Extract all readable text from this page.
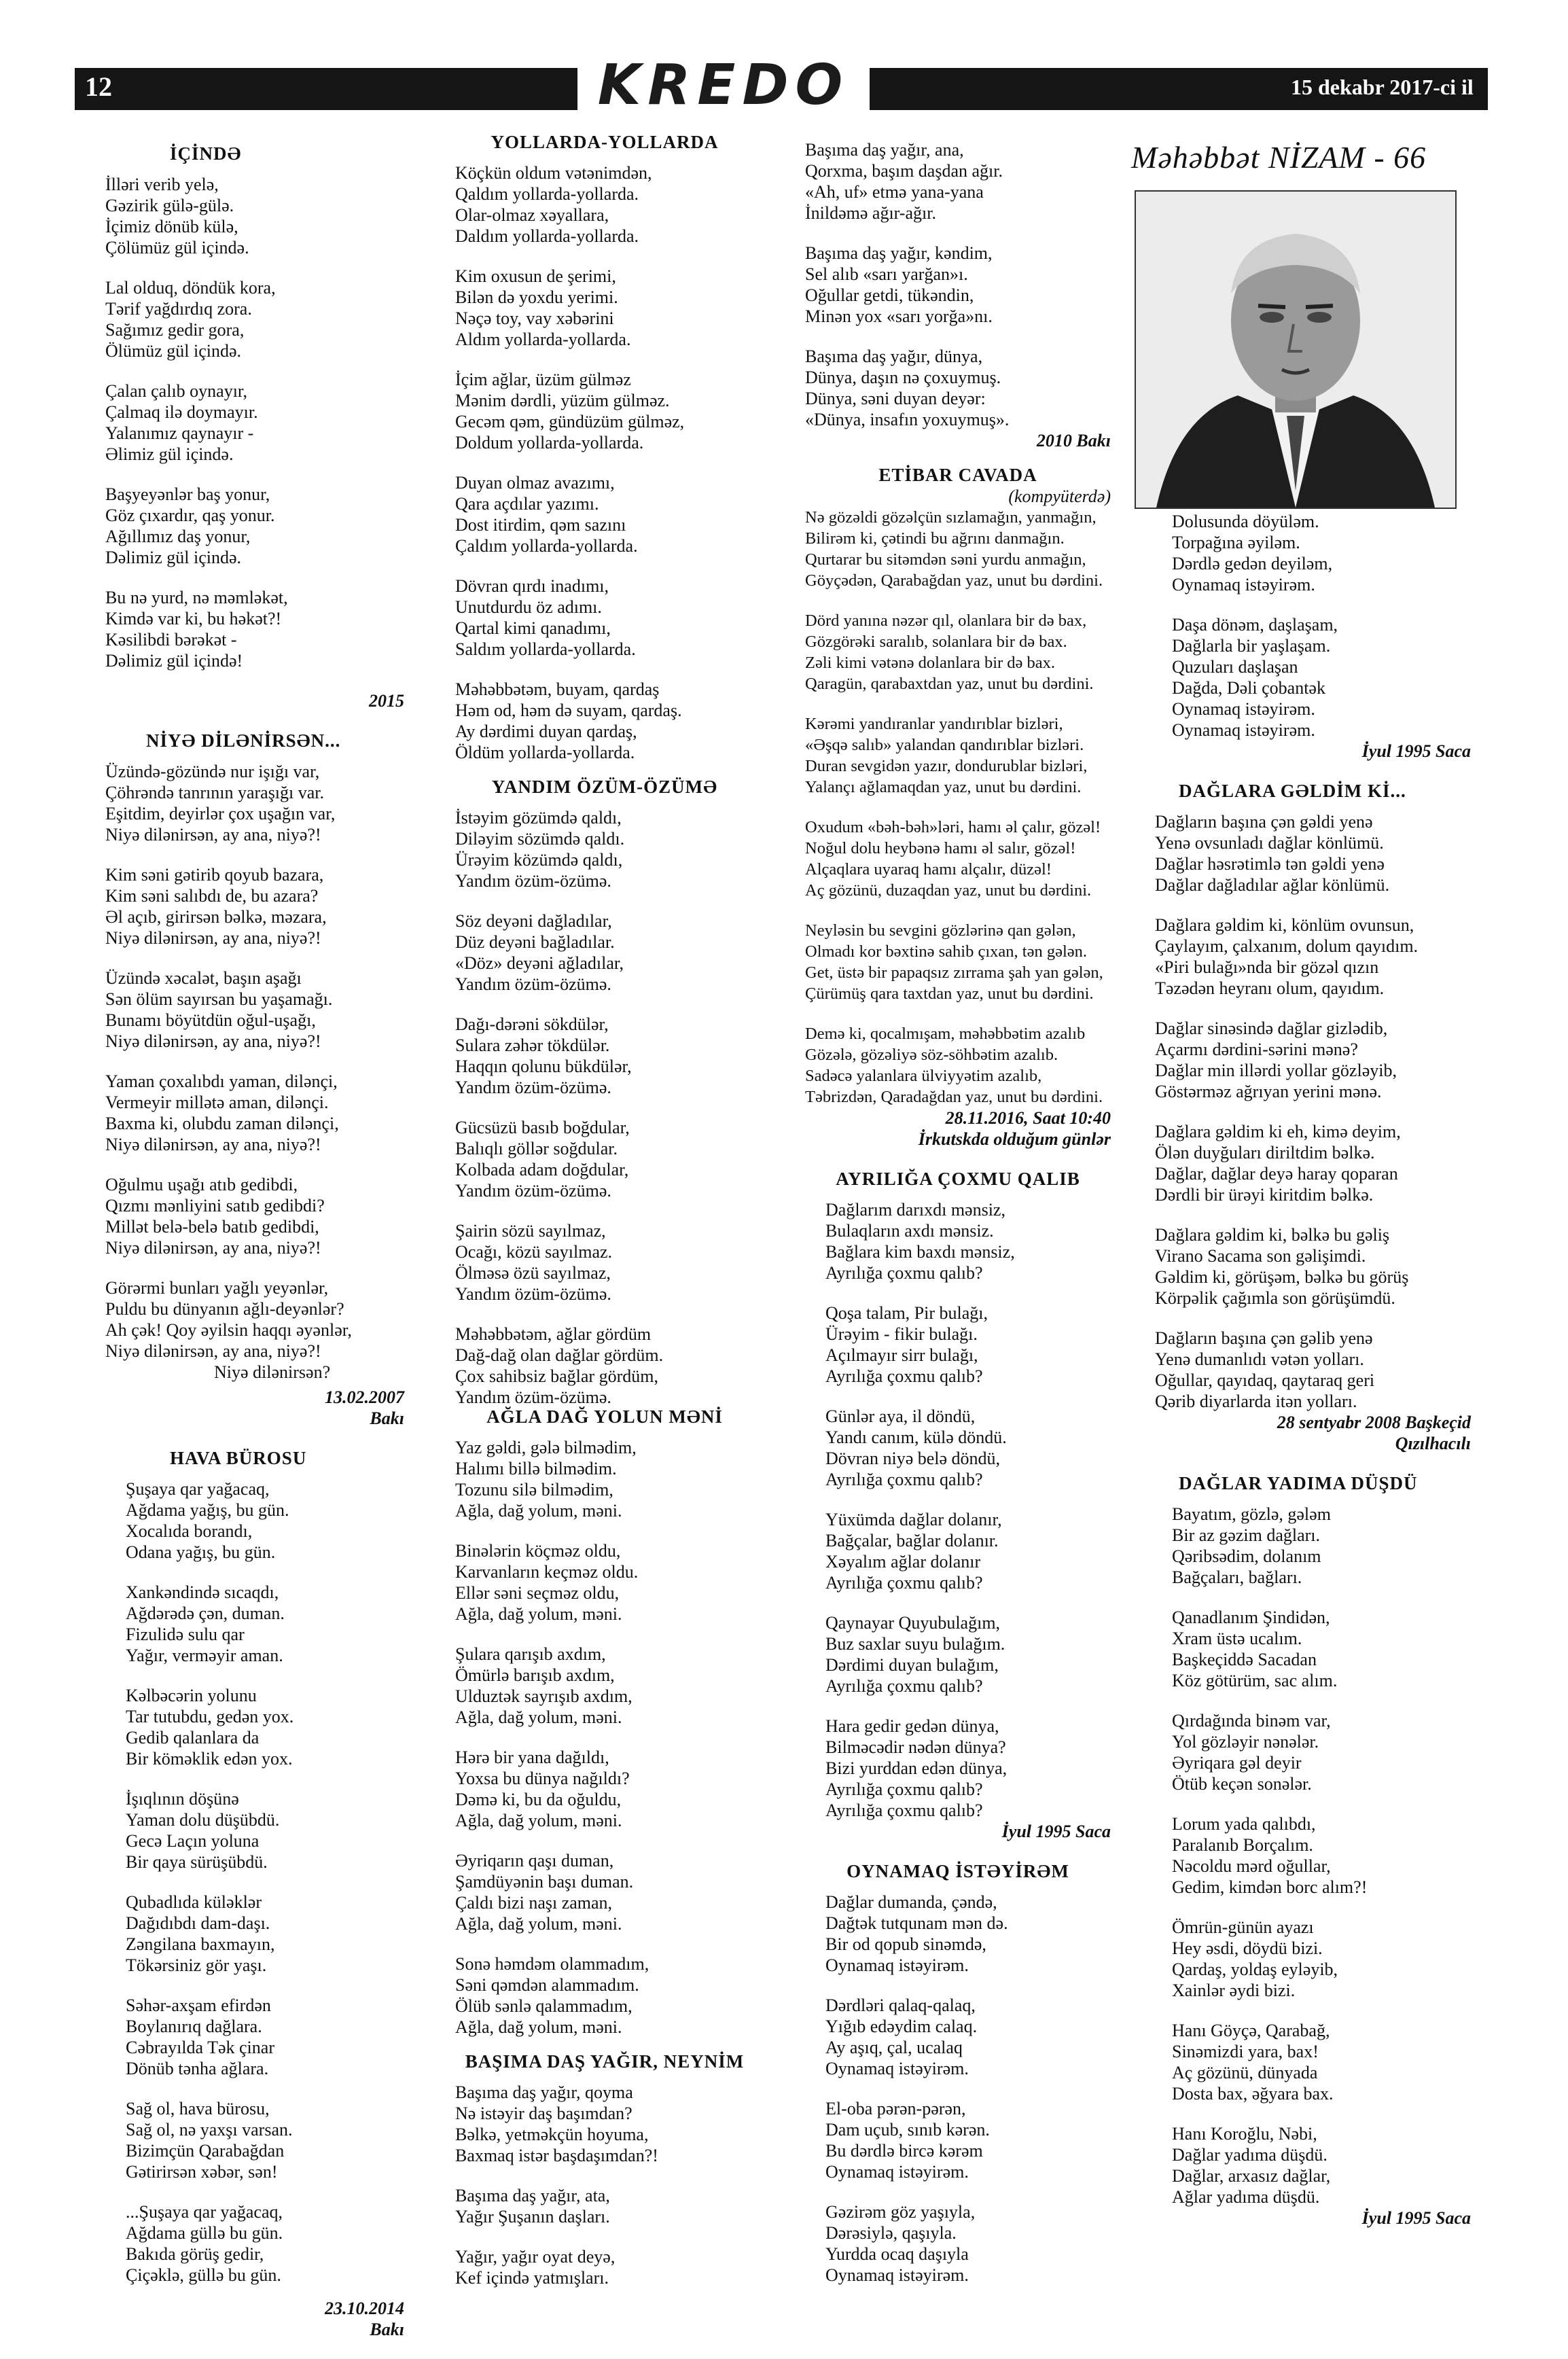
12	KREDO	15 dekabr 2017-ci il
İÇİNDƏ
İlləri verib yelə,
Gəzirik gülə-gülə.
İçimiz dönüb külə,
Çölümüz gül içində.
Lal olduq, döndük kora,
Tərif yağdırdıq zora.
Sağımız gedir gora,
Ölümüz gül içində.
Çalan çalıb oynayır,
Çalmaq ilə doymayır.
Yalanımız qaynayır -
Əlimiz gül içində.
Başyeyənlər baş yonur,
Göz çıxardır, qaş yonur.
Ağıllımız daş yonur,
Dəlimiz gül içində.
Bu nə yurd, nə məmləkət,
Kimdə var ki, bu həkət?!
Kəsilibdi bərəkət -
Dəlimiz gül içində!
2015
NİYƏ DİLƏNİRSƏN...
Üzündə-gözündə nur işığı var,
Çöhrəndə tanrının yaraşığı var.
Eşitdim, deyirlər çox uşağın var,
Niyə dilənirsən, ay ana, niyə?!
Kim səni gətirib qoyub bazara,
Kim səni salıbdı de, bu azara?
Əl açıb, girirsən bəlkə, məzara,
Niyə dilənirsən, ay ana, niyə?!
Üzündə xəcalət, başın aşağı
Sən ölüm sayırsan bu yaşamağı.
Bunamı böyütdün oğul-uşağı,
Niyə dilənirsən, ay ana, niyə?!
Yaman çoxalıbdı yaman, dilənçi,
Vermeyir millətə aman, dilənçi.
Baxma ki, olubdu zaman dilənçi,
Niyə dilənirsən, ay ana, niyə?!
Oğulmu uşağı atıb gedibdi,
Qızmı mənliyini satıb gedibdi?
Millət belə-belə batıb gedibdi,
Niyə dilənirsən, ay ana, niyə?!
Görərmi bunları yağlı yeyənlər,
Puldu bu dünyanın ağlı-deyənlər?
Ah çək! Qoy əyilsin haqqı əyənlər,
Niyə dilənirsən, ay ana, niyə?!
Niyə dilənirsən?
13.02.2007
Bakı
HAVA BÜROSU
Şuşaya qar yağacaq,
Ağdama yağış, bu gün.
Xocalıda borandı,
Odana yağış, bu gün.
Xankəndində sıcaqdı,
Ağdərədə çən, duman.
Fizulidə sulu qar
Yağır, verməyir aman.
Kəlbəcərin yolunu
Tar tutubdu, gedən yox.
Gedib qalanlara da
Bir köməklik edən yox.
İşıqlının döşünə
Yaman dolu düşübdü.
Gecə Laçın yoluna
Bir qaya sürüşübdü.
Qubadlıda küləklər
Dağıdıbdı dam-daşı.
Zəngilana baxmayın,
Tökərsiniz gör yaşı.
Səhər-axşam efirdən
Boylanırıq dağlara.
Cəbrayılda Tək çinar
Dönüb tənha ağlara.
Sağ ol, hava bürosu,
Sağ ol, nə yaxşı varsan.
Bizimçün Qarabağdan
Gətirirsən xəbər, sən!
...Şuşaya qar yağacaq,
Ağdama güllə bu gün.
Bakıda görüş gedir,
Çiçəklə, güllə bu gün.
23.10.2014
Bakı
YOLLARDA-YOLLARDA
Köçkün oldum vətənimdən,
Qaldım yollarda-yollarda.
Olar-olmaz xəyallara,
Daldım yollarda-yollarda.
Kim oxusun de şerimi,
Bilən də yoxdu yerimi.
Nəçə toy, vay xəbərini
Aldım yollarda-yollarda.
İçim ağlar, üzüm gülməz
Mənim dərdli, yüzüm gülməz.
Gecəm qəm, gündüzüm gülməz,
Doldum yollarda-yollarda.
Duyan olmaz avazımı,
Qara açdılar yazımı.
Dost itirdim, qəm sazını
Çaldım yollarda-yollarda.
Dövran qırdı inadımı,
Unutdurdu öz adımı.
Qartal kimi qanadımı,
Saldım yollarda-yollarda.
Məhəbbətəm, buyam, qardaş
Həm od, həm də suyam, qardaş.
Ay dərdimi duyan qardaş,
Öldüm yollarda-yollarda.
YANDIM ÖZÜM-ÖZÜMƏ
İstəyim gözümdə qaldı,
Diləyim sözümdə qaldı.
Ürəyim közümdə qaldı,
Yandım özüm-özümə.
Söz deyəni dağladılar,
Düz deyəni bağladılar.
«Döz» deyəni ağladılar,
Yandım özüm-özümə.
Dağı-dərəni sökdülər,
Sulara zəhər tökdülər.
Haqqın qolunu bükdülər,
Yandım özüm-özümə.
Gücsüzü basıb boğdular,
Balıqlı göllər soğdular.
Kolbada adam doğdular,
Yandım özüm-özümə.
Şairin sözü sayılmaz,
Ocağı, közü sayılmaz.
Ölməsə özü sayılmaz,
Yandım özüm-özümə.
Məhəbbətəm, ağlar gördüm
Dağ-dağ olan dağlar gördüm.
Çox sahibsiz bağlar gördüm,
Yandım özüm-özümə.
AĞLA DAĞ YOLUN MƏNİ
Yaz gəldi, gələ bilmədim,
Halımı billə bilmədim.
Tozunu silə bilmədim,
Ağla, dağ yolum, məni.
Binələrin köçməz oldu,
Karvanların keçməz oldu.
Ellər səni seçməz oldu,
Ağla, dağ yolum, məni.
Şulara qarışıb axdım,
Ömürlə barışıb axdım,
Ulduztək sayrışıb axdım,
Ağla, dağ yolum, məni.
Hərə bir yana dağıldı,
Yoxsa bu dünya nağıldı?
Dəmə ki, bu da oğuldu,
Ağla, dağ yolum, məni.
Əyriqarın qaşı duman,
Şamdüyənin başı duman.
Çaldı bizi naşı zaman,
Ağla, dağ yolum, məni.
Sonə həmdəm olammadım,
Səni qəmdən alammadım.
Ölüb sənlə qalammadım,
Ağla, dağ yolum, məni.
BAŞIMA DAŞ YAĞIR, NEYNİM
Başıma daş yağır, qoyma
Nə istəyir daş başımdan?
Bəlkə, yetməkçün hoyuma,
Baxmaq istər başdaşımdan?!
Başıma daş yağır, ata,
Yağır Şuşanın daşları.
Yağır, yağır oyat deyə,
Kef içində yatmışları.
Başıma daş yağır, ana,
Qorxma, başım daşdan ağır.
«Ah, uf» etmə yana-yana
İnildəmə ağır-ağır.
Başıma daş yağır, kəndim,
Sel alıb «sarı yarğan»ı.
Oğullar getdi, tükəndin,
Minən yox «sarı yorğa»nı.
Başıma daş yağır, dünya,
Dünya, daşın nə çoxuymuş.
Dünya, səni duyan deyər:
«Dünya, insafın yoxuymuş».
2010 Bakı
ETİBAR CAVADA
(kompyüterdə)
Nə gözəldi gözəlçün sızlamağın, yanmağın,
Bilirəm ki, çətindi bu ağrını danmağın.
Qurtarar bu sitəmdən səni yurdu anmağın,
Göyçədən, Qarabağdan yaz, unut bu dərdini.
Dörd yanına nəzər qıl, olanlara bir də bax,
Gözgörəki saralıb, solanlara bir də bax.
Zəli kimi vətənə dolanlara bir də bax.
Qaragün, qarabaxtdan yaz, unut bu dərdini.
Kərəmi yandıranlar yandırıblar bizləri,
«Əşqə salıb» yalandan qandırıblar bizləri.
Duran sevgidən yazır, dondurublar bizləri,
Yalançı ağlamaqdan yaz, unut bu dərdini.
Oxudum «bəh-bəh»ləri, hamı əl çalır, gözəl!
Noğul dolu heybənə hamı əl salır, gözəl!
Alçaqlara uyaraq hamı alçalır, düzəl!
Aç gözünü, duzaqdan yaz, unut bu dərdini.
Neyləsin bu sevgini gözlərinə qan gələn,
Olmadı kor bəxtinə sahib çıxan, tən gələn.
Get, üstə bir papaqsız zırrama şah yan gələn,
Çürümüş qara taxtdan yaz, unut bu dərdini.
Demə ki, qocalmışam, məhəbbətim azalıb
Gözələ, gözəliyə söz-söhbətim azalıb.
Sadəcə yalanlara ülviyyətim azalıb,
Təbrizdən, Qaradağdan yaz, unut bu dərdini.
28.11.2016, Saat 10:40
İrkutskda olduğum günlər
AYRILIĞA ÇOXMU QALIB
Dağlarım darıxdı mənsiz,
Bulaqların axdı mənsiz.
Bağlara kim baxdı mənsiz,
Ayrılığa çoxmu qalıb?
Qoşa talam, Pir bulağı,
Ürəyim - fikir bulağı.
Açılmayır sirr bulağı,
Ayrılığa çoxmu qalıb?
Günlər aya, il döndü,
Yandı canım, külə döndü.
Dövran niyə belə döndü,
Ayrılığa çoxmu qalıb?
Yüxümda dağlar dolanır,
Bağçalar, bağlar dolanır.
Xəyalım ağlar dolanır
Ayrılığa çoxmu qalıb?
Qaynayar Quyubulağım,
Buz saxlar suyu bulağım.
Dərdimi duyan bulağım,
Ayrılığa çoxmu qalıb?
Hara gedir gedən dünya,
Bilməcədir nədən dünya?
Bizi yurddan edən dünya,
Ayrılığa çoxmu qalıb?
Ayrılığa çoxmu qalıb?
İyul 1995 Saca
OYNAMAQ İSTƏYİRƏM
Dağlar dumanda, çəndə,
Dağtək tutqunam mən də.
Bir od qopub sinəmdə,
Oynamaq istəyirəm.
Dərdləri qalaq-qalaq,
Yığıb edəydim calaq.
Ay aşıq, çal, ucalaq
Oynamaq istəyirəm.
El-oba pərən-pərən,
Dam uçub, sınıb kərən.
Bu dərdlə bircə kərəm
Oynamaq istəyirəm.
Gəzirəm göz yaşıyla,
Dərəsiylə, qaşıyla.
Yurdda ocaq daşıyla
Oynamaq istəyirəm.
Məhəbbət NİZAM - 66
Dolusunda döyüləm.
Torpağına əyiləm.
Dərdlə gedən deyiləm,
Oynamaq istəyirəm.
Daşa dönəm, daşlaşam,
Dağlarla bir yaşlaşam.
Quzuları daşlaşan
Dağda, Dəli çobantək
Oynamaq istəyirəm.
Oynamaq istəyirəm.
İyul 1995 Saca
DAĞLARA GƏLDİM Kİ...
Dağların başına çən gəldi yenə
Yenə ovsunladı dağlar könlümü.
Dağlar həsrətimlə tən gəldi yenə
Dağlar dağladılar ağlar könlümü.
Dağlara gəldim ki, könlüm ovunsun,
Çaylayım, çalxanım, dolum qayıdım.
«Piri bulağı»nda bir gözəl qızın
Təzədən heyranı olum, qayıdım.
Dağlar sinəsində dağlar gizlədib,
Açarmı dərdini-sərini mənə?
Dağlar min illərdi yollar gözləyib,
Göstərməz ağrıyan yerini mənə.
Dağlara gəldim ki eh, kimə deyim,
Ölən duyğuları diriltdim bəlkə.
Dağlar, dağlar deyə haray qoparan
Dərdli bir ürəyi kiritdim bəlkə.
Dağlara gəldim ki, bəlkə bu gəliş
Virano Sacama son gəlişimdi.
Gəldim ki, görüşəm, bəlkə bu görüş
Körpəlik çağımla son görüşümdü.
Dağların başına çən gəlib yenə
Yenə dumanlıdı vətən yolları.
Oğullar, qayıdaq, qaytaraq geri
Qərib diyarlarda itən yolları.
28 sentyabr 2008 Başkeçid
Qızılhacılı
DAĞLAR YADIMA DÜŞDÜ
Bayatım, gözlə, gələm
Bir az gəzim dağları.
Qəribsədim, dolanım
Bağçaları, bağları.
Qanadlanım Şindidən,
Xram üstə ucalım.
Başkeçiddə Sacadan
Köz götürüm, sac alım.
Qırdağında binəm var,
Yol gözləyir nənələr.
Əyriqara gəl deyir
Ötüb keçən sonələr.
Lorum yada qalıbdı,
Paralanıb Borçalım.
Nəcoldu mərd oğullar,
Gedim, kimdən borc alım?!
Ömrün-günün ayazı
Hey əsdi, döydü bizi.
Qardaş, yoldaş eyləyib,
Xainlər əydi bizi.
Hanı Göyçə, Qarabağ,
Sinəmizdi yara, bax!
Aç gözünü, dünyada
Dosta bax, əğyara bax.
Hanı Koroğlu, Nəbi,
Dağlar yadıma düşdü.
Dağlar, arxasız dağlar,
Ağlar yadıma düşdü.
İyul 1995 Saca
